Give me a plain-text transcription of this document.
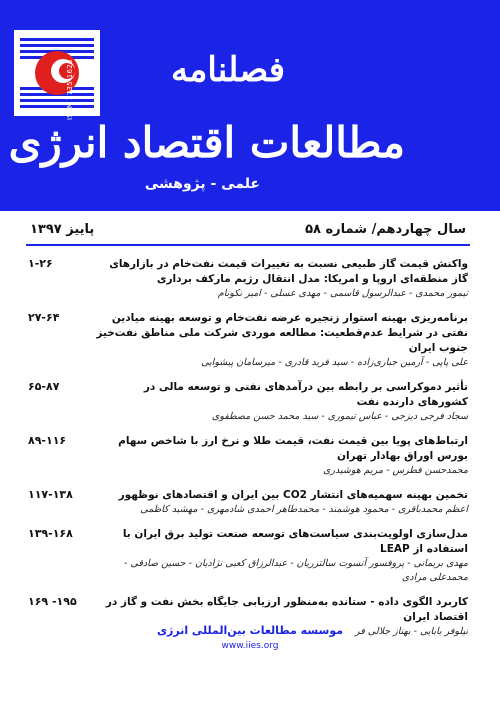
ISSN 1735-1626	فصلنامه
مطالعات اقتصاد انرژی
علمی - پژوهشی
پاییز ۱۳۹۷	سال چهاردهم/ شماره ۵۸
۱-۲۶	واکنش قیمت گاز طبیعی نسبت به تغییرات قیمت نفت‌خام در بازارهای گاز منطقه‌ای اروپا و امریکا: مدل انتقال رژیم مارکف برداری
تیمور محمدی - عبدالرسول قاسمی - مهدی عسلی - امیر نکونام
۲۷-۶۴	برنامه‌ریزی بهینه استوار زنجیره عرضه نفت‌خام و توسعه بهینه میادین نفتی در شرایط عدم‌قطعیت: مطالعه موردی شرکت ملی مناطق نفت‌خیز جنوب ایران
علی پاپی - آرمین جباری‌زاده - سید فرید قادری - میرسامان پیشوایی
۶۵-۸۷	تأثیر دموکراسی بر رابطه بین درآمدهای نفتی و توسعه مالی در کشورهای دارنده نفت
سجاد فرجی دیزجی - عباس تیموری - سید محمد حسن مصطفوی
۸۹-۱۱۶	ارتباط‌های پویا بین قیمت نفت، قیمت طلا و نرخ ارز با شاخص سهام بورس اوراق بهادار تهران
محمدحسن فطرس - مریم هوشیدری
۱۱۷-۱۳۸	تخمین بهینه سهمیه‌های انتشار CO2 بین ایران و اقتصادهای نوظهور
اعظم محمدباقری - محمود هوشمند - محمدطاهر احمدی شادمهری - مهشید کاظمی
۱۳۹-۱۶۸	مدل‌سازی اولویت‌بندی سیاست‌های توسعه صنعت تولید برق ایران با استفاده از LEAP
مهدی بریمانی - پروفسور آنسوت سالتزریان - عبدالرزاق کعبی نژادیان - حسین صادقی - محمدعلی مرادی
۱۶۹ -۱۹۵	کاربرد الگوی داده - ستانده به‌منظور ارزیابی جایگاه بخش نفت و گاز در اقتصاد ایران
نیلوفر بابایی - بهناز جلالی فر
موسسه مطالعات بین‌المللی انرژی
www.iies.org
